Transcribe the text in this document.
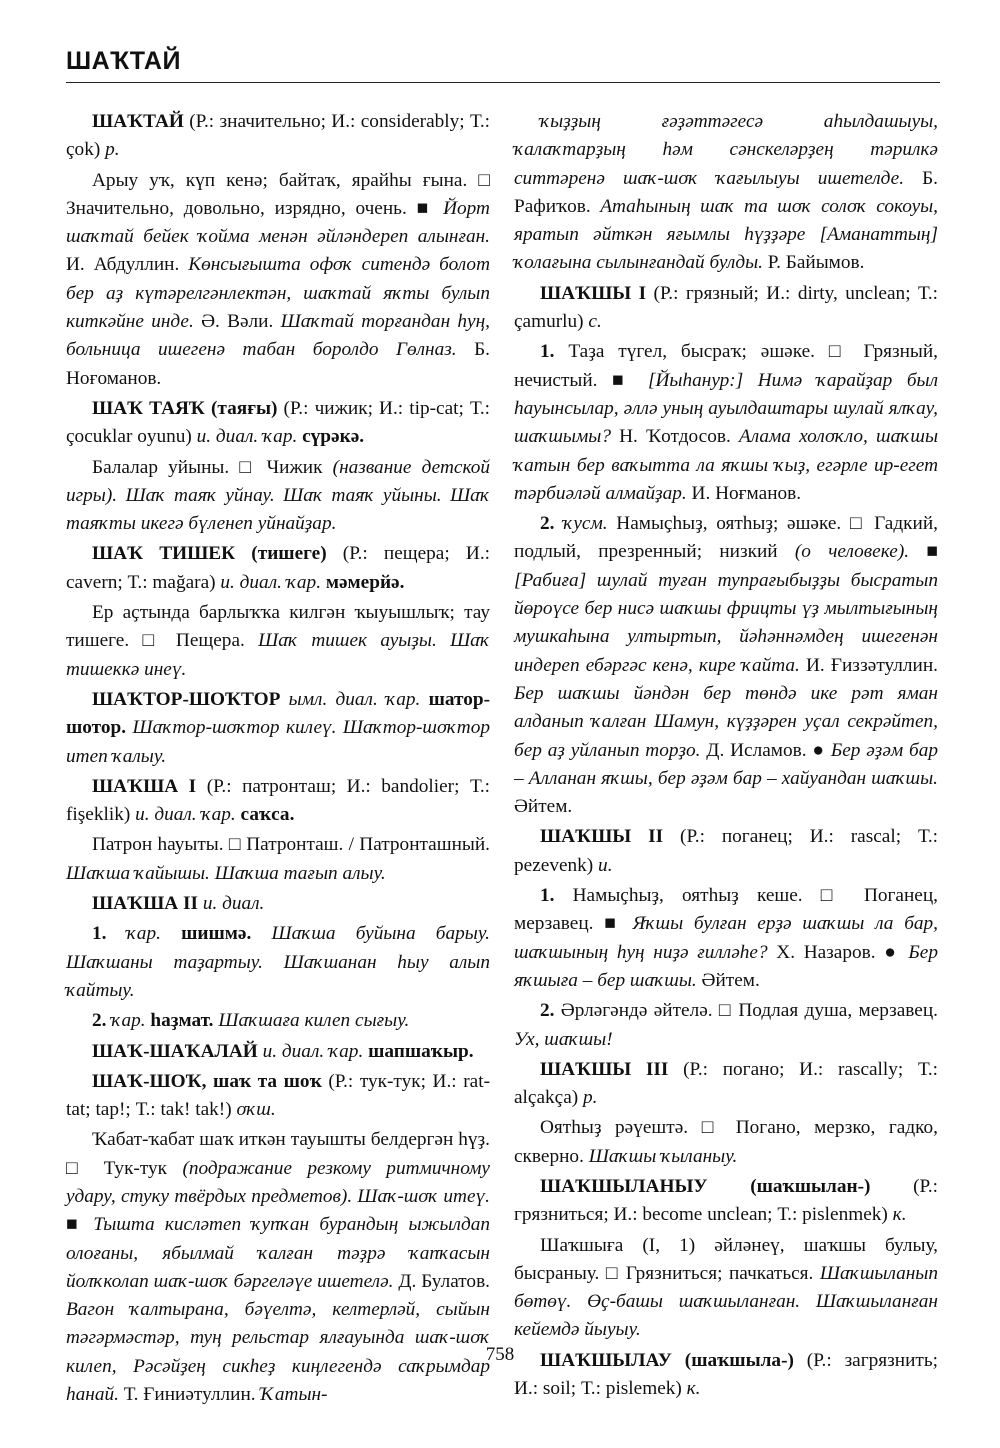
ШАҠТАЙ

ШАҠТАЙ (Р.: значительно; И.: considerably; Т.: çok) р.

Арыу уҡ, күп кенә; байтаҡ, ярайһы ғына. □ Значительно, довольно, изрядно, очень. ■ Йорт шаҡтай бейек ҡойма менән әйләндереп алынған. И. Абдуллин. Көнсығышта офоҡ ситендә болот бер аҙ күтәрелгәнлектән, шаҡтай яҡты булып киткәйне инде. Ә. Вәли. Шаҡтай торғандан һуң, больница ишегенә табан боролдо Гөлназ. Б. Ноғоманов.

ШАҠ ТАЯҠ (таяғы) (Р.: чижик; И.: tip-cat; Т.: çocuklar oyunu) и. диал. ҡар. сүрәкә.

Балалар уйыны. □ Чижик (название детской игры). Шаҡ таяҡ уйнау. Шаҡ таяҡ уйыны. Шаҡ таяҡты икегә бүленеп уйнайҙар.

ШАҠ ТИШЕК (тишеге) (Р.: пещера; И.: cavern; Т.: mağara) и. диал. ҡар. мәмерйә.

Ер аҫтында барлыҡҡа килгән ҡыуышлыҡ; тау тишеге. □ Пещера. Шаҡ тишек ауыҙы. Шаҡ тишеккә инеү.

ШАҠТОР-ШОҠТОР ымл. диал. ҡар. шатор-шотор. Шаҡтор-шоҡтор килеү. Шаҡтор-шоҡтор итеп ҡалыу.

ШАҠША I (Р.: патронташ; И.: bandolier; Т.: fişeklik) и. диал. ҡар. саҡса.

Патрон һауыты. □ Патронташ. / Патронташный. Шаҡша ҡайышы. Шаҡша тағып алыу.

ШАҠША II и. диал.

1. ҡар. шишмә. Шаҡша буйына барыу. Шаҡшаны таҙартыу. Шаҡшанан һыу алып ҡайтыу.

2. ҡар. һаҙмат. Шаҡшаға килеп сығыу.

ШАҠ-ШАҠАЛАЙ и. диал. ҡар. шапшаҡыр.

ШАҠ-ШОҠ, шаҡ та шоҡ (Р.: тук-тук; И.: rat-tat; tap!; Т.: tak! tak!) оҡш.

Ҡабат-ҡабат шаҡ иткән тауышты белдергән һүҙ. □ Тук-тук (подражание резкому ритмичному удару, стуку твёрдых предметов). Шаҡ-шоҡ итеү. ■ Тышта кисләтеп ҡупҡан бурандың ыжылдап олоғаны, ябылмай ҡалған тәҙрә ҡапҡасын йолҡколап шаҡ-шоҡ бәргеләүе ишетелә. Д. Булатов. Вагон ҡалтырана, бәүелтә, келтерләй, сыйын тәгәрмәстәр, туң рельстар ялғауында шаҡ-шоҡ килеп, Рәсәйҙең сикһеҙ киңлегендә саҡрымдар һанай. Т. Ғиниәтуллин. Ҡатын-

ҡыҙҙың ғәҙәттәгесә аһылдашыуы, ҡалаҡтарҙың һәм сәнскеләрҙең тәрилкә ситтәренә шаҡ-шоҡ ҡағылыуы ишетелде. Б. Рафиҡов. Атаһының шаҡ та шоҡ солоҡ сокоуы, яратып әйткән яғымлы һүҙҙәре [Аманаттың] ҡолағына сылынғандай булды. Р. Байымов.

ШАҠШЫ I (Р.: грязный; И.: dirty, unclean; Т.: çamurlu) с.

1. Таҙа түгел, бысраҡ; әшәке. □ Грязный, нечистый. ■ [Йыһанур:] Нимә ҡарайҙар был һауынсылар, әллә уның ауылдаштары шулай ялҡау, шаҡшымы? Н. Ҡотдосов. Алама холоҡло, шаҡшы ҡатын бер ваҡытта ла яҡшы ҡыҙ, егәрле ир-егет тәрбиәләй алмайҙар. И. Ноғманов.

2. ҡусм. Намыҫһыҙ, оятһыҙ; әшәке. □ Гадкий, подлый, презренный; низкий (о человеке). ■ [Рабиға] шулай туған тупрағыбыҙҙы бысратып йөроүсе бер нисә шаҡшы фрицты үҙ мылтығының мушкаһына ултыртып, йәһәннәмдең ишегенән индереп ебәргәс кенә, кире ҡайта. И. Ғиззәтуллин. Бер шаҡшы йәндән бер төндә ике рәт яман алданып ҡалған Шамун, күҙҙәрен уҫал секрәйтеп, бер аҙ уйланып торҙо. Д. Исламов. ● Бер әҙәм бар – Алланан яҡшы, бер әҙәм бар – хайуандан шаҡшы. Әйтем.

ШАҠШЫ II (Р.: поганец; И.: rascal; Т.: pezevenk) и.

1. Намыҫһыҙ, оятһыҙ кеше. □ Поганец, мерзавец. ■ Яҡшы булған ерҙә шаҡшы ла бар, шаҡшының һуң ниҙә ғилләһе? Х. Назаров. ● Бер яҡшыға – бер шаҡшы. Әйтем.

2. Әрләгәндә әйтелә. □ Подлая душа, мерзавец. Ух, шаҡшы!

ШАҠШЫ III (Р.: погано; И.: rascally; Т.: alçakça) р.

Оятһыҙ рәүештә. □ Погано, мерзко, гадко, скверно. Шаҡшы ҡыланыу.

ШАҠШЫЛАНЫУ (шаҡшылан-) (Р.: грязниться; И.: become unclean; Т.: pislenmek) к.

Шаҡшыға (I, 1) әйләнеү, шаҡшы булыу, бысраныу. □ Грязниться; пачкаться. Шаҡшыланып бөтөү. Өҫ-башы шаҡшыланған. Шаҡшыланған кейемдә йыуыу.

ШАҠШЫЛАУ (шаҡшыла-) (Р.: загрязнить; И.: soil; Т.: pislemek) к.

758
